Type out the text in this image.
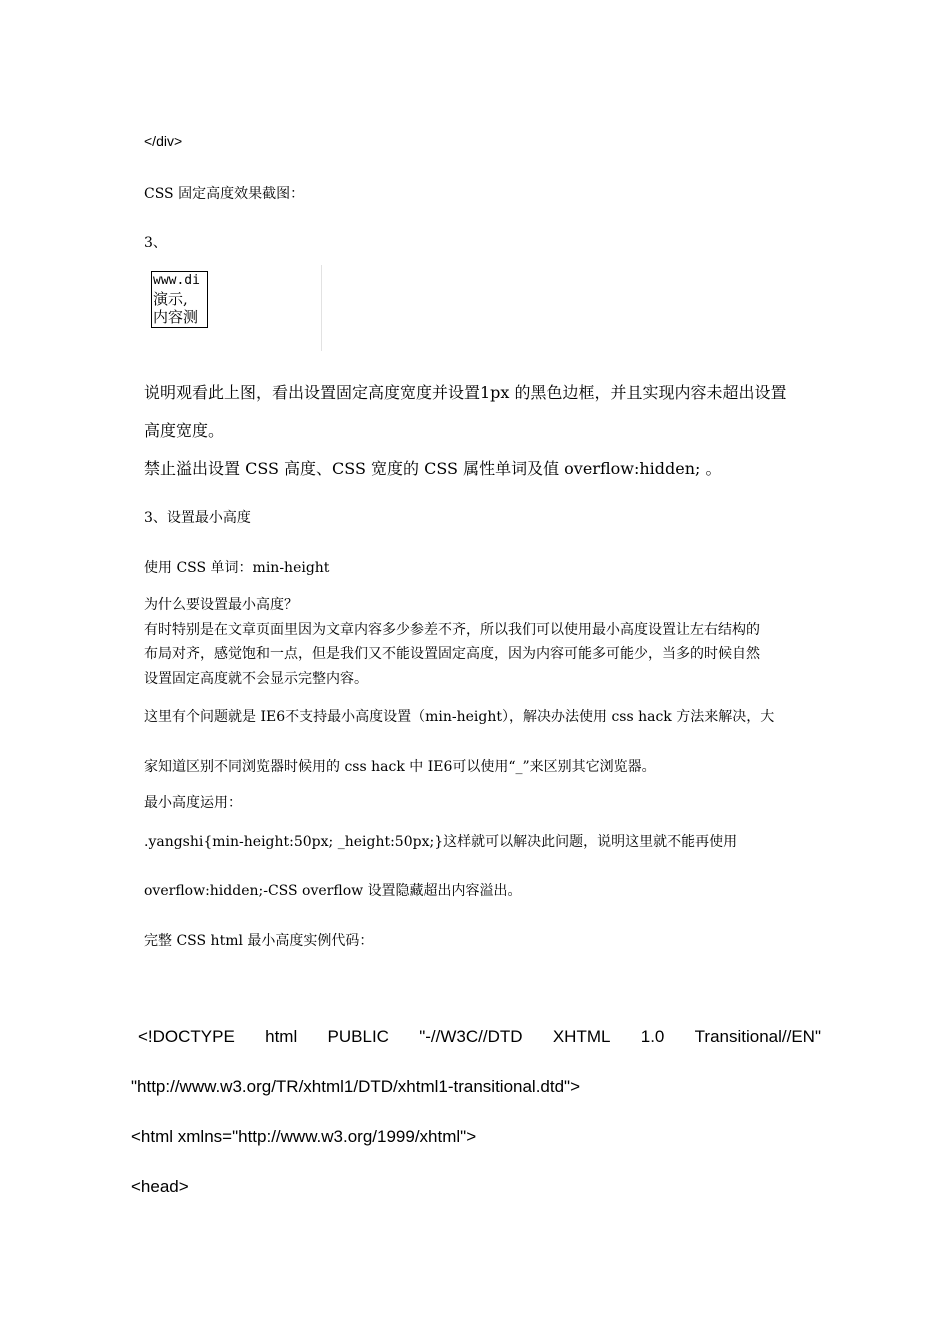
</div>
CSS 固定高度效果截图：
3、
www.di
演示,
内容测
说明观看此上图，看出设置固定高度宽度并设置1px 的黑色边框，并且实现内容未超出设置
高度宽度。
禁止溢出设置 CSS 高度、CSS 宽度的 CSS 属性单词及值 overflow:hidden; 。
3、设置最小高度
使用 CSS 单词：min-height
为什么要设置最小高度？
有时特别是在文章页面里因为文章内容多少参差不齐，所以我们可以使用最小高度设置让左右结构的
布局对齐，感觉饱和一点，但是我们又不能设置固定高度，因为内容可能多可能少，当多的时候自然
设置固定高度就不会显示完整内容。
这里有个问题就是 IE6不支持最小高度设置（min-height），解决办法使用 css hack 方法来解决，大
家知道区别不同浏览器时候用的 css hack 中 IE6可以使用“_”来区别其它浏览器。
最小高度运用：
.yangshi{min-height:50px; _height:50px;}这样就可以解决此问题，说明这里就不能再使用
overflow:hidden;-CSS overflow 设置隐藏超出内容溢出。
完整 CSS html 最小高度实例代码：
<!DOCTYPE html PUBLIC "-//W3C//DTD XHTML 1.0 Transitional//EN"
"http://www.w3.org/TR/xhtml1/DTD/xhtml1-transitional.dtd">
<html xmlns="http://www.w3.org/1999/xhtml">
<head>
